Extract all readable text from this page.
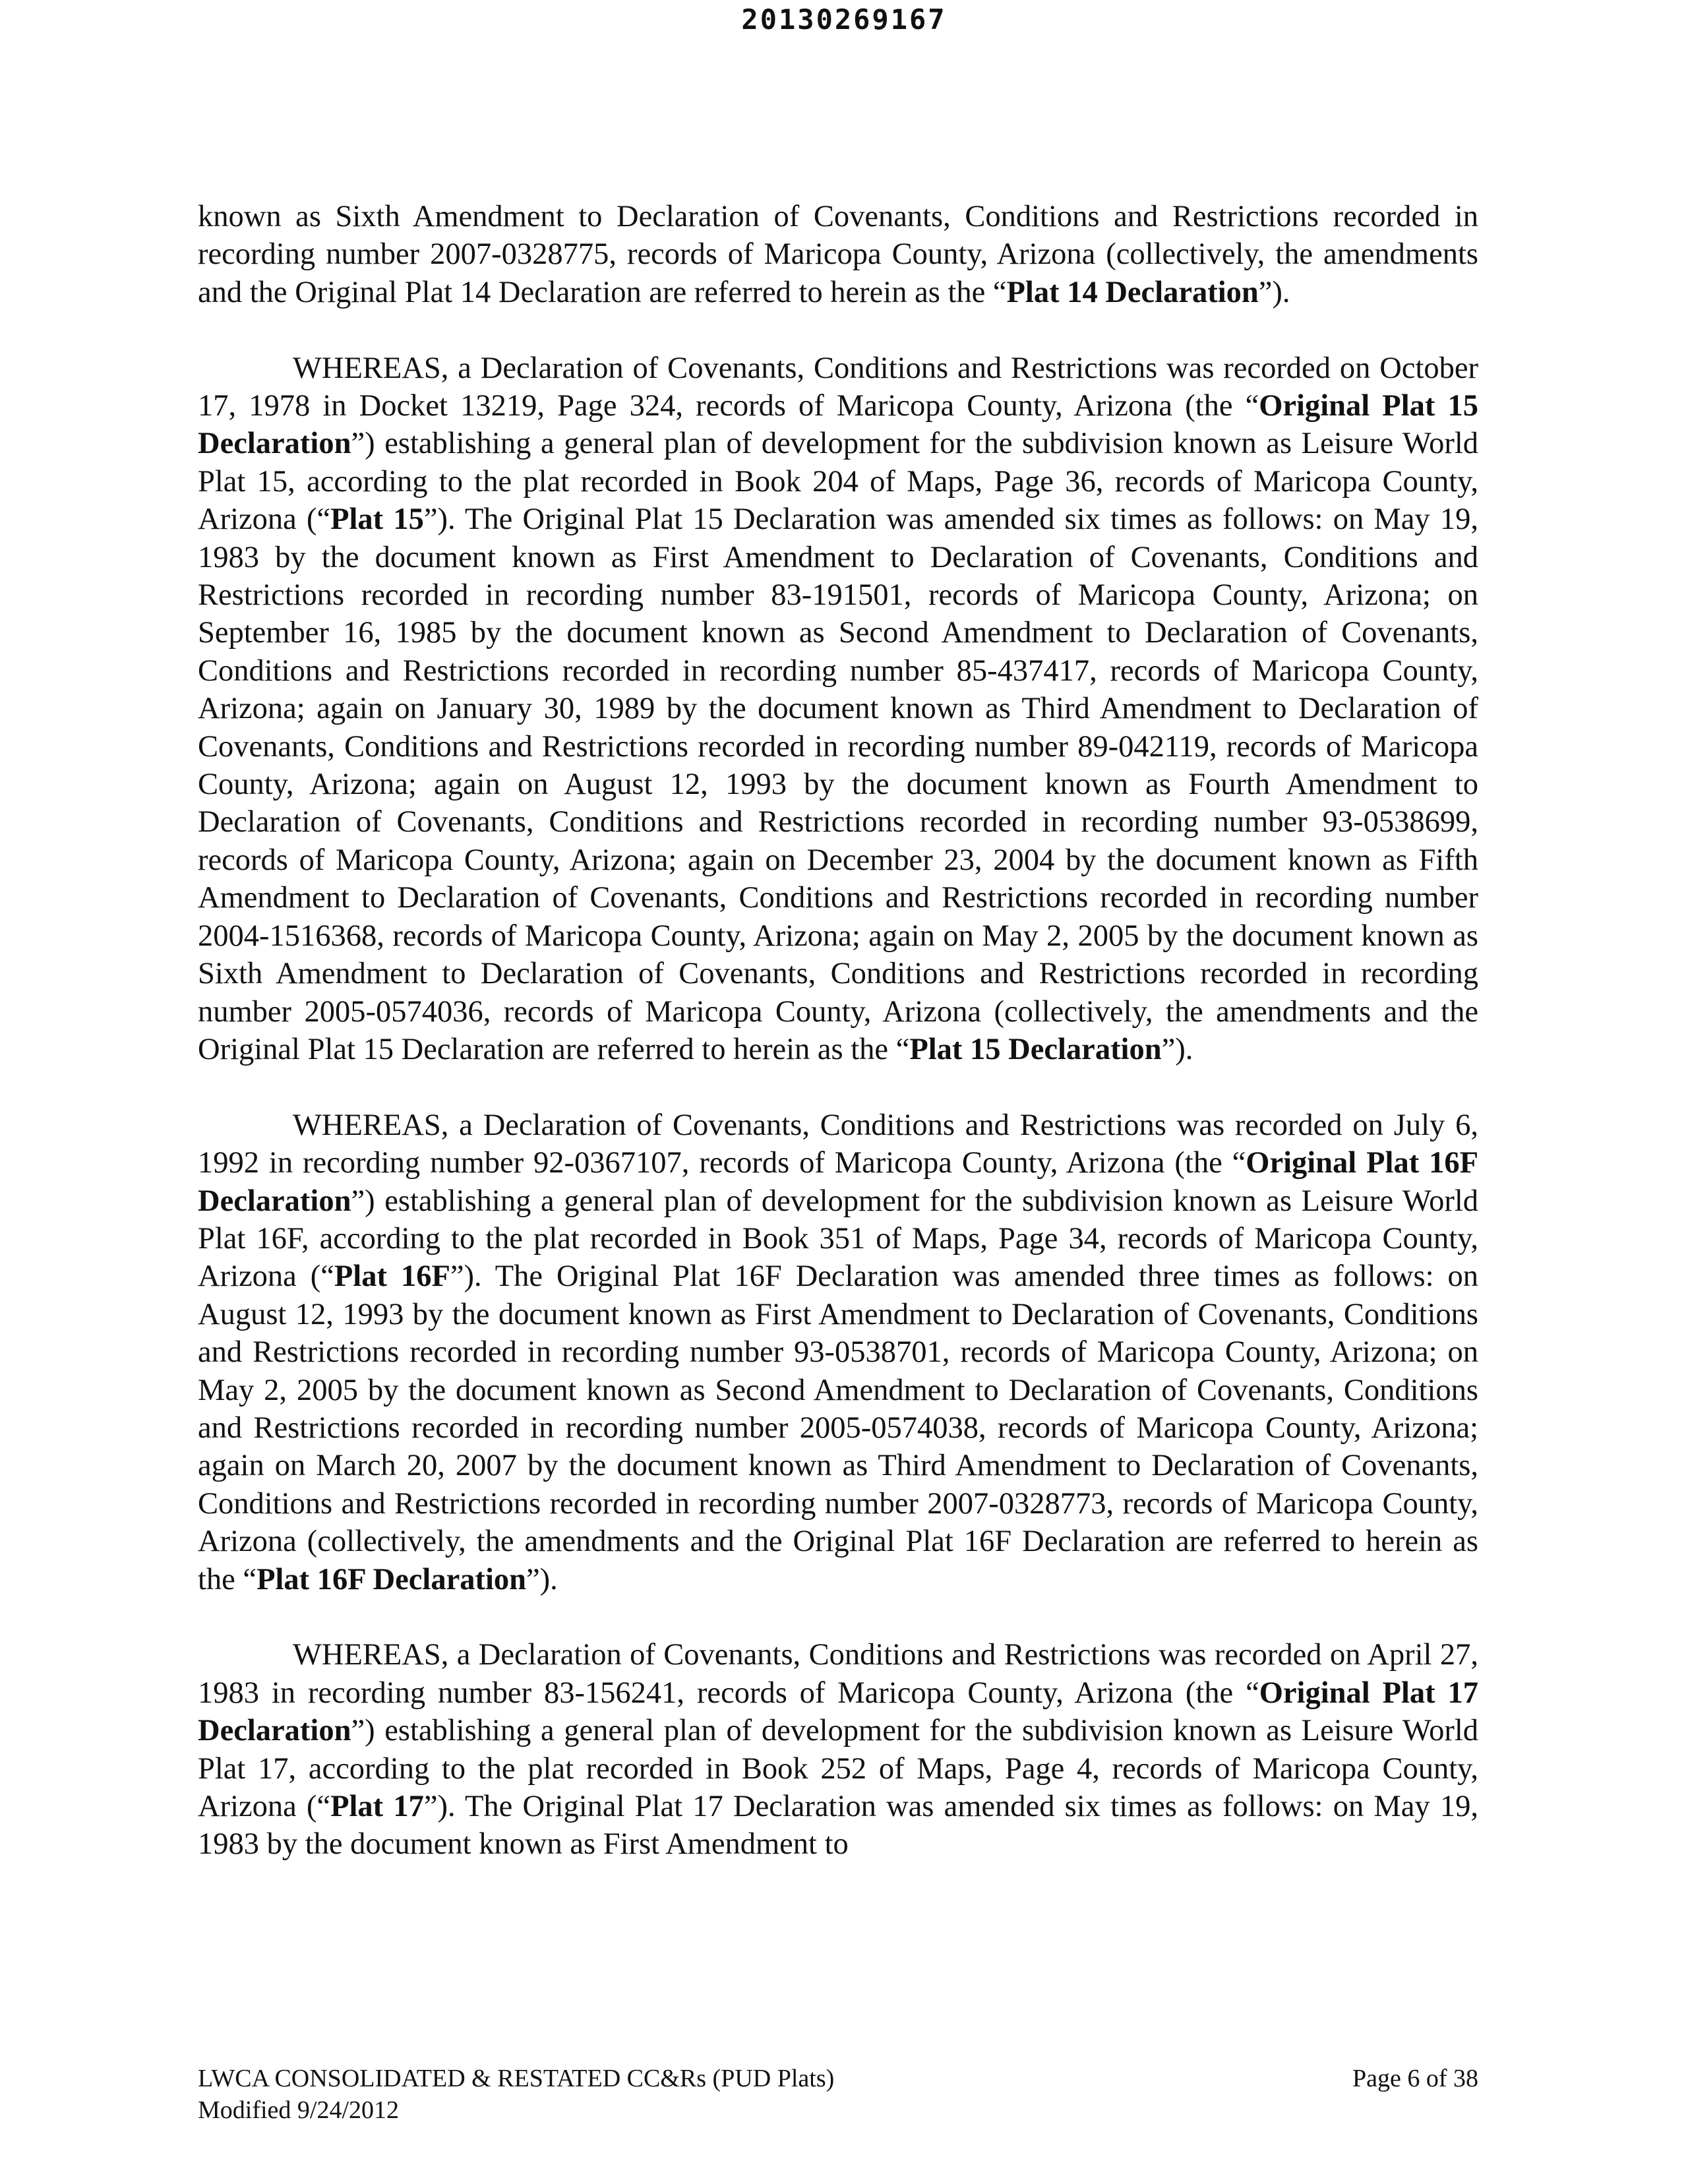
20130269167

known as Sixth Amendment to Declaration of Covenants, Conditions and Restrictions recorded in recording number 2007-0328775, records of Maricopa County, Arizona (collectively, the amendments and the Original Plat 14 Declaration are referred to herein as the “Plat 14 Declaration”).

WHEREAS, a Declaration of Covenants, Conditions and Restrictions was recorded on October 17, 1978 in Docket 13219, Page 324, records of Maricopa County, Arizona (the “Original Plat 15 Declaration”) establishing a general plan of development for the subdivision known as Leisure World Plat 15, according to the plat recorded in Book 204 of Maps, Page 36, records of Maricopa County, Arizona (“Plat 15”). The Original Plat 15 Declaration was amended six times as follows: on May 19, 1983 by the document known as First Amendment to Declaration of Covenants, Conditions and Restrictions recorded in recording number 83-191501, records of Maricopa County, Arizona; on September 16, 1985 by the document known as Second Amendment to Declaration of Covenants, Conditions and Restrictions recorded in recording number 85-437417, records of Maricopa County, Arizona; again on January 30, 1989 by the document known as Third Amendment to Declaration of Covenants, Conditions and Restrictions recorded in recording number 89-042119, records of Maricopa County, Arizona; again on August 12, 1993 by the document known as Fourth Amendment to Declaration of Covenants, Conditions and Restrictions recorded in recording number 93-0538699, records of Maricopa County, Arizona; again on December 23, 2004 by the document known as Fifth Amendment to Declaration of Covenants, Conditions and Restrictions recorded in recording number 2004-1516368, records of Maricopa County, Arizona; again on May 2, 2005 by the document known as Sixth Amendment to Declaration of Covenants, Conditions and Restrictions recorded in recording number 2005-0574036, records of Maricopa County, Arizona (collectively, the amendments and the Original Plat 15 Declaration are referred to herein as the “Plat 15 Declaration”).

WHEREAS, a Declaration of Covenants, Conditions and Restrictions was recorded on July 6, 1992 in recording number 92-0367107, records of Maricopa County, Arizona (the “Original Plat 16F Declaration”) establishing a general plan of development for the subdivision known as Leisure World Plat 16F, according to the plat recorded in Book 351 of Maps, Page 34, records of Maricopa County, Arizona (“Plat 16F”). The Original Plat 16F Declaration was amended three times as follows: on August 12, 1993 by the document known as First Amendment to Declaration of Covenants, Conditions and Restrictions recorded in recording number 93-0538701, records of Maricopa County, Arizona; on May 2, 2005 by the document known as Second Amendment to Declaration of Covenants, Conditions and Restrictions recorded in recording number 2005-0574038, records of Maricopa County, Arizona; again on March 20, 2007 by the document known as Third Amendment to Declaration of Covenants, Conditions and Restrictions recorded in recording number 2007-0328773, records of Maricopa County, Arizona (collectively, the amendments and the Original Plat 16F Declaration are referred to herein as the “Plat 16F Declaration”).

WHEREAS, a Declaration of Covenants, Conditions and Restrictions was recorded on April 27, 1983 in recording number 83-156241, records of Maricopa County, Arizona (the “Original Plat 17 Declaration”) establishing a general plan of development for the subdivision known as Leisure World Plat 17, according to the plat recorded in Book 252 of Maps, Page 4, records of Maricopa County, Arizona (“Plat 17”). The Original Plat 17 Declaration was amended six times as follows: on May 19, 1983 by the document known as First Amendment to

LWCA CONSOLIDATED & RESTATED CC&Rs (PUD Plats)
Modified 9/24/2012
Page 6 of 38
